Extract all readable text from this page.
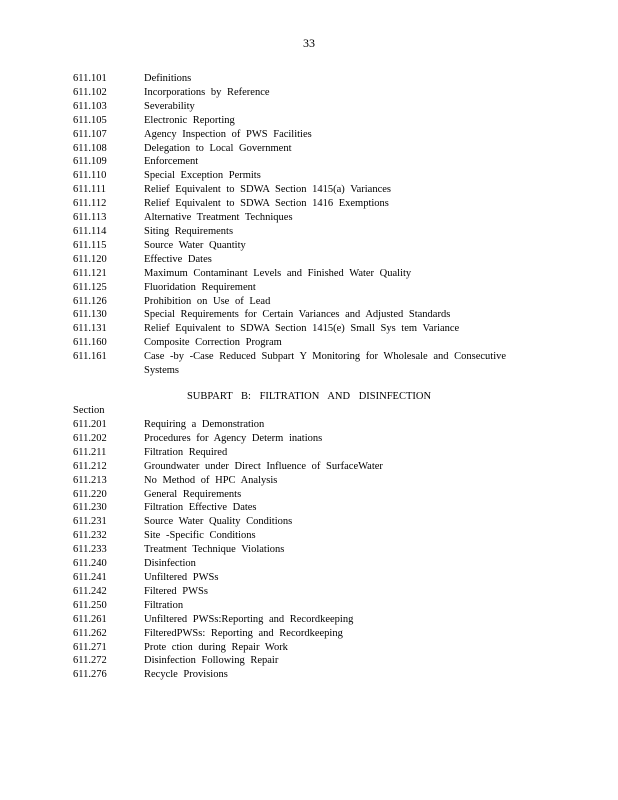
33
611.101	Definitions
611.102	Incorporations by Reference
611.103	Severability
611.105	Electronic Reporting
611.107	Agency Inspection of PWS Facilities
611.108	Delegation to Local Government
611.109	Enforcement
611.110	Special Exception Permits
611.111	Relief Equivalent to SDWA Section 1415(a) Variances
611.112	Relief Equivalent to SDWA Section 1416 Exemptions
611.113	Alternative Treatment Techniques
611.114	Siting Requirements
611.115	Source Water Quantity
611.120	Effective Dates
611.121	Maximum Contaminant Levels and Finished Water Quality
611.125	Fluoridation Requirement
611.126	Prohibition on Use of Lead
611.130	Special Requirements for Certain Variances and Adjusted Standards
611.131	Relief Equivalent to SDWA Section 1415(e) Small Sys tem Variance
611.160	Composite Correction Program
611.161	Case -by -Case Reduced Subpart Y Monitoring for Wholesale and Consecutive
Systems
SUBPART B: FILTRATION AND DISINFECTION
Section
611.201	Requiring a Demonstration
611.202	Procedures for Agency Determ inations
611.211	Filtration Required
611.212	Groundwater under Direct Influence of SurfaceWater
611.213	No Method of HPC Analysis
611.220	General Requirements
611.230	Filtration Effective Dates
611.231	Source Water Quality Conditions
611.232	Site -Specific Conditions
611.233	Treatment Technique Violations
611.240	Disinfection
611.241	Unfiltered PWSs
611.242	Filtered PWSs
611.250	Filtration
611.261	Unfiltered PWSs:Reporting and Recordkeeping
611.262	FilteredPWSs: Reporting and Recordkeeping
611.271	Prote ction during Repair Work
611.272	Disinfection Following Repair
611.276	Recycle Provisions
